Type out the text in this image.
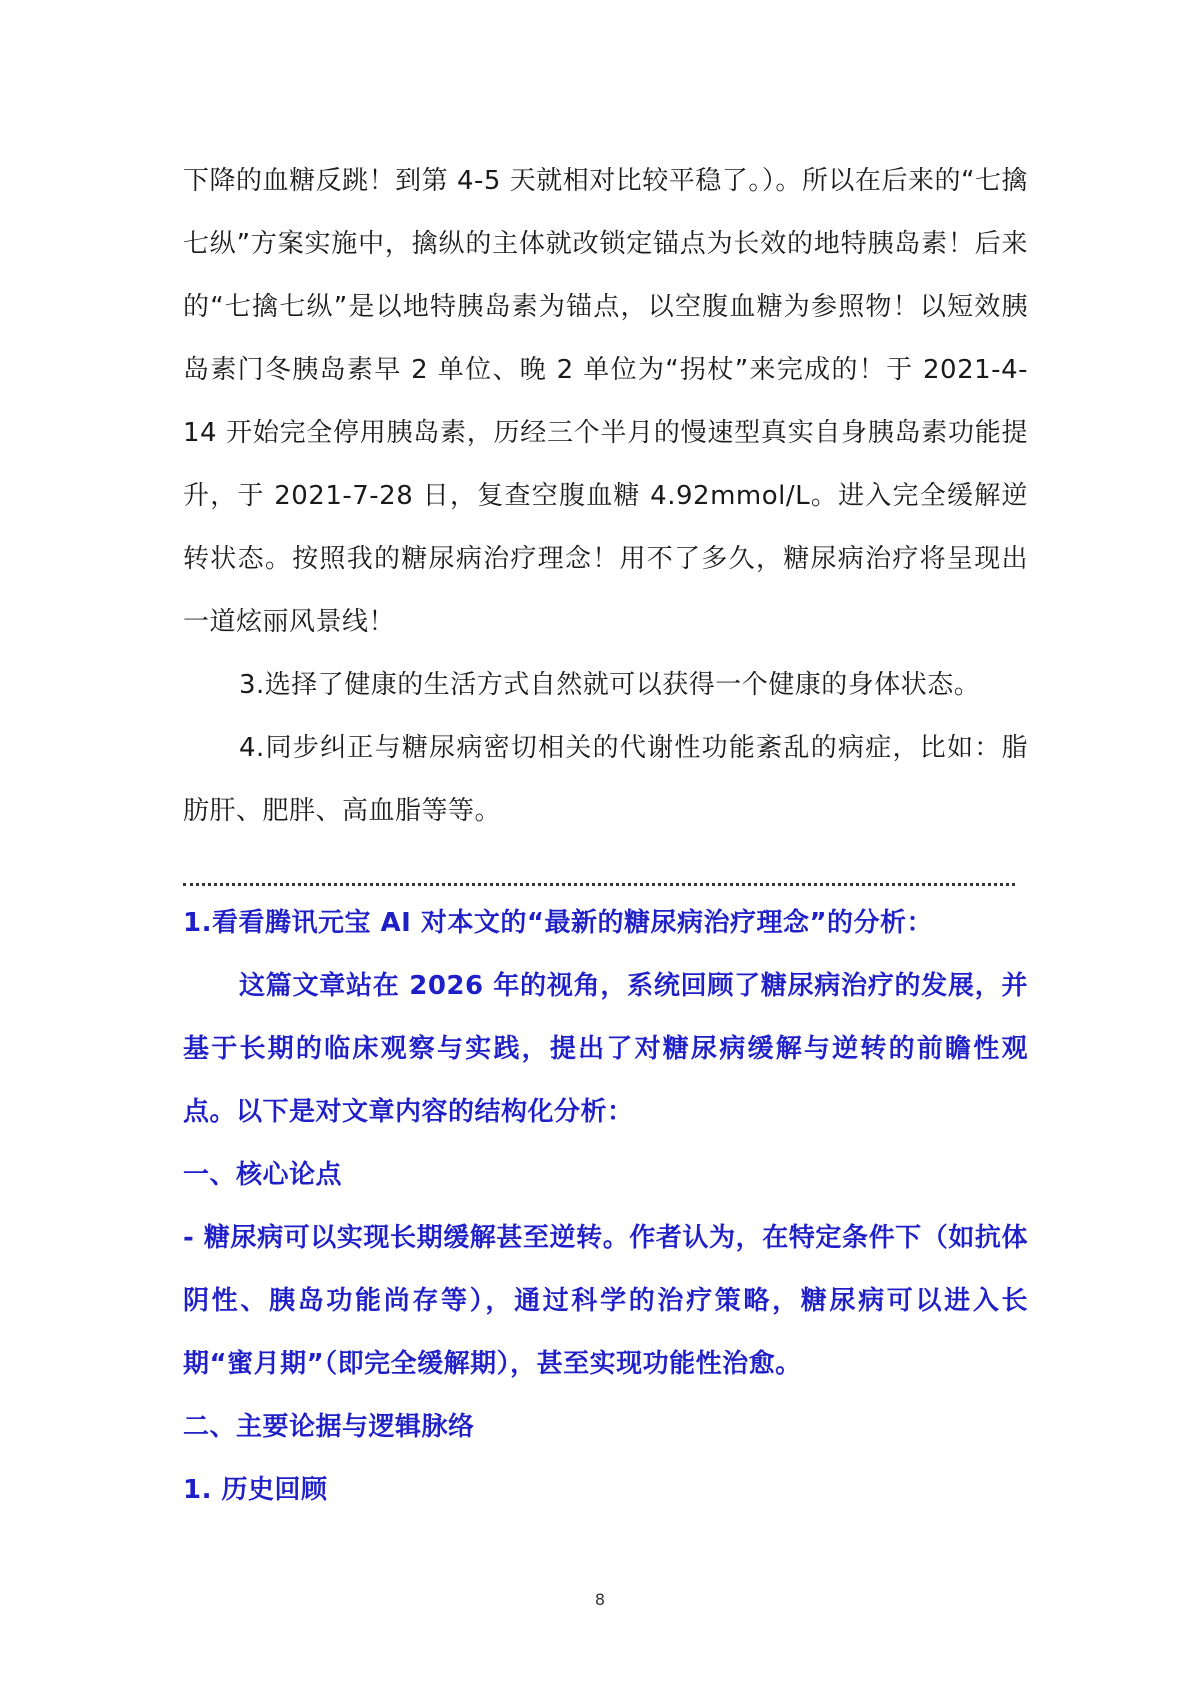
下降的血糖反跳！到第 4-5 天就相对比较平稳了。）。所以在后来的“七擒七纵”方案实施中，擒纵的主体就改锁定锚点为长效的地特胰岛素！后来的“七擒七纵”是以地特胰岛素为锚点，以空腹血糖为参照物！以短效胰岛素门冬胰岛素早 2 单位、晚 2 单位为“拐杖”来完成的！于 2021-4-14 开始完全停用胰岛素，历经三个半月的慢速型真实自身胰岛素功能提升，于 2021-7-28 日，复查空腹血糖 4.92mmol/L。进入完全缓解逆转状态。按照我的糖尿病治疗理念！用不了多久，糖尿病治疗将呈现出一道炫丽风景线！

3.选择了健康的生活方式自然就可以获得一个健康的身体状态。

4.同步纠正与糖尿病密切相关的代谢性功能紊乱的病症，比如：脂肪肝、肥胖、高血脂等等。

1.看看腾讯元宝 AI 对本文的“最新的糖尿病治疗理念”的分析：

这篇文章站在 2026 年的视角，系统回顾了糖尿病治疗的发展，并基于长期的临床观察与实践，提出了对糖尿病缓解与逆转的前瞻性观点。以下是对文章内容的结构化分析：

一、核心论点

- 糖尿病可以实现长期缓解甚至逆转。作者认为，在特定条件下（如抗体阴性、胰岛功能尚存等），通过科学的治疗策略，糖尿病可以进入长期“蜜月期”（即完全缓解期），甚至实现功能性治愈。

二、主要论据与逻辑脉络

1. 历史回顾

8
